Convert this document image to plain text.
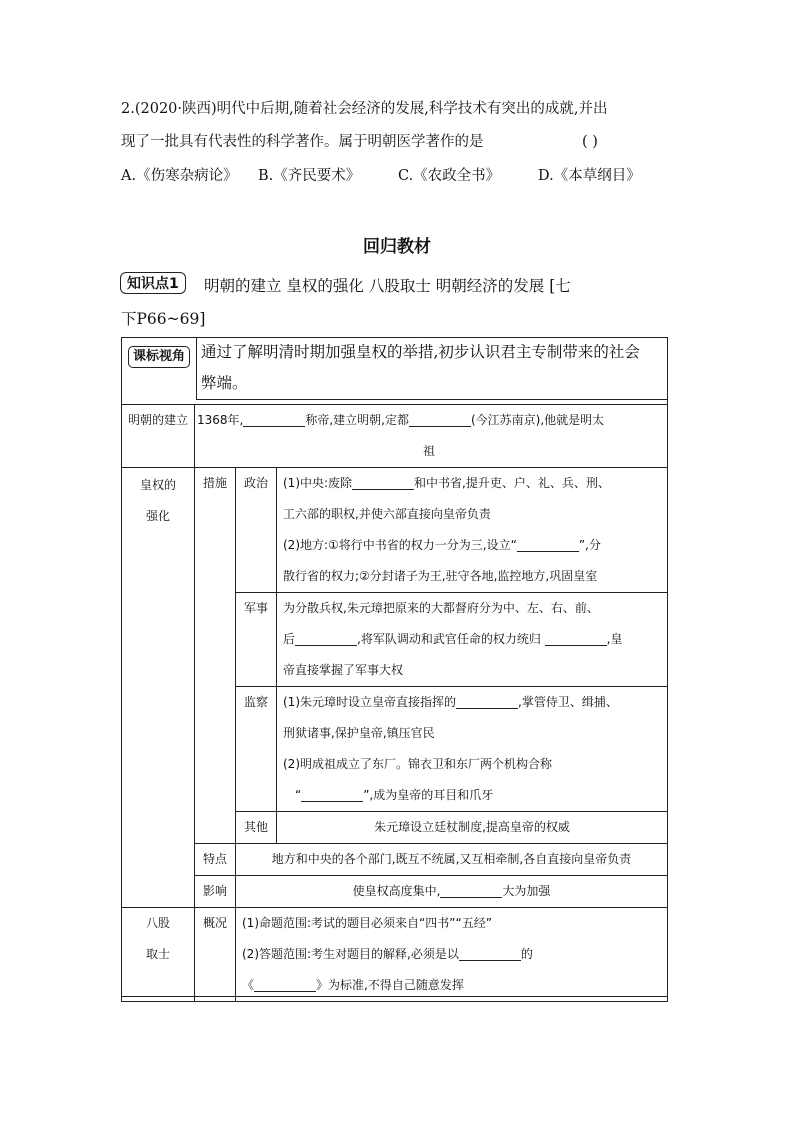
2.(2020·陕西)明代中后期,随着社会经济的发展,科学技术有突出的成就,并出
现了一批具有代表性的科学著作。属于明朝医学著作的是	( )
A.《伤寒杂病论》 B.《齐民要术》	C.《农政全书》	D.《本草纲目》
回归教材
知识点1	明朝的建立 皇权的强化 八股取士 明朝经济的发展 [七
下P66~69]
课标视角	通过了解明清时期加强皇权的举措,初步认识君主专制带来的社会
弊端。
明朝的建立	1368年, 称帝,建立明朝,定都 (今江苏南京),他就是明太
祖		

皇权的强化	措施	政治	(1)中央:废除 和中书省,提升吏、户、礼、兵、刑、
工六部的职权,并使六部直接向皇帝负责
(2)地方:①将行中书省的权力一分为三,设立“ ”,分
散行省的权力;②分封诸子为王,驻守各地,监控地方,巩固皇室

		军事	为分散兵权,朱元璋把原来的大都督府分为中、左、右、前、
后 ,将军队调动和武官任命的权力统归 ,皇
帝直接掌握了军事大权

		监察	(1)朱元璋时设立皇帝直接指挥的 ,掌管侍卫、缉捕、
刑狱诸事,保护皇帝,镇压官民
(2)明成祖成立了东厂。锦衣卫和东厂两个机构合称
“ ”,成为皇帝的耳目和爪牙

		其他	朱元璋设立廷杖制度,提高皇帝的权威
	特点	地方和中央的各个部门,既互不统属,又互相牵制,各自直接向皇帝负责	
	影响	使皇权高度集中, 大为加强	

八股取士	概况	(1)命题范围:考试的题目必须来自“四书”“五经”
(2)答题范围:考生对题目的解释,必须是以 的
《 》为标准,不得自己随意发挥	
